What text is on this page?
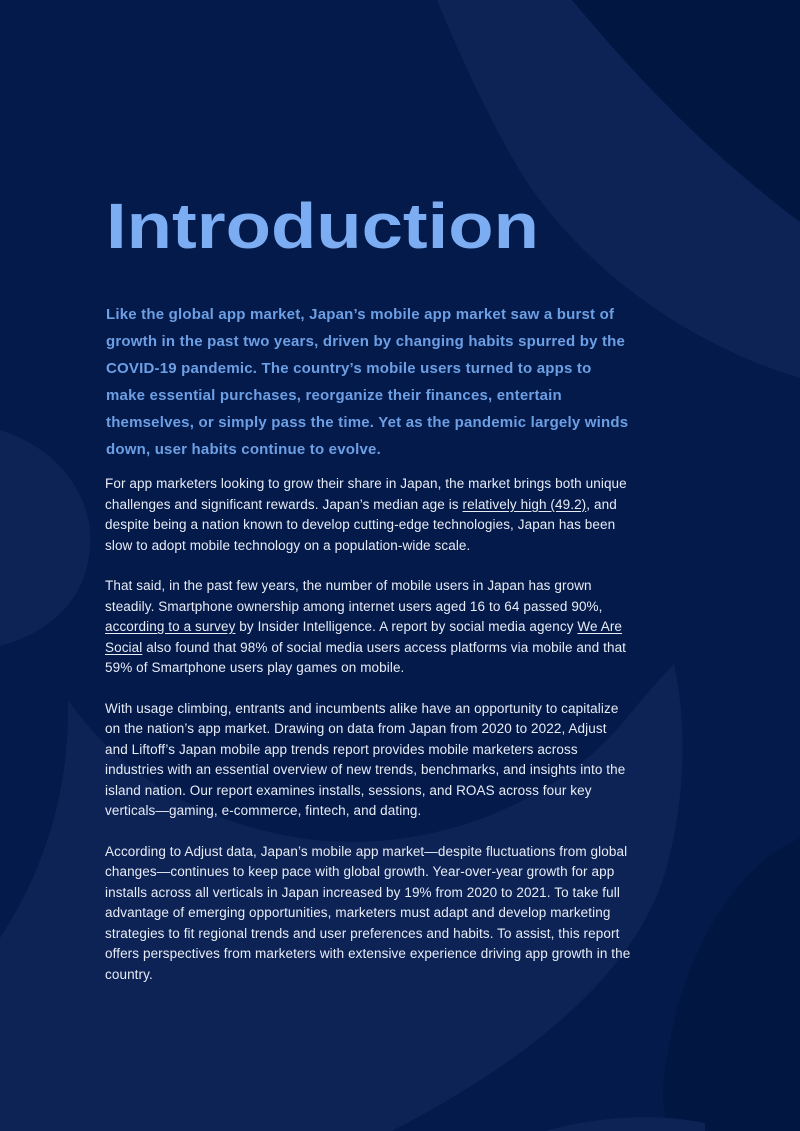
Introduction

Like the global app market, Japan’s mobile app market saw a burst of growth in the past two years, driven by changing habits spurred by the COVID-19 pandemic. The country’s mobile users turned to apps to make essential purchases, reorganize their finances, entertain themselves, or simply pass the time. Yet as the pandemic largely winds down, user habits continue to evolve.

For app marketers looking to grow their share in Japan, the market brings both unique challenges and significant rewards. Japan’s median age is relatively high (49.2), and despite being a nation known to develop cutting-edge technologies, Japan has been slow to adopt mobile technology on a population-wide scale.

That said, in the past few years, the number of mobile users in Japan has grown steadily. Smartphone ownership among internet users aged 16 to 64 passed 90%, according to a survey by Insider Intelligence. A report by social media agency We Are Social also found that 98% of social media users access platforms via mobile and that 59% of Smartphone users play games on mobile.

With usage climbing, entrants and incumbents alike have an opportunity to capitalize on the nation’s app market. Drawing on data from Japan from 2020 to 2022, Adjust and Liftoff’s Japan mobile app trends report provides mobile marketers across industries with an essential overview of new trends, benchmarks, and insights into the island nation. Our report examines installs, sessions, and ROAS across four key verticals—gaming, e-commerce, fintech, and dating.

According to Adjust data, Japan’s mobile app market—despite fluctuations from global changes—continues to keep pace with global growth. Year-over-year growth for app installs across all verticals in Japan increased by 19% from 2020 to 2021. To take full advantage of emerging opportunities, marketers must adapt and develop marketing strategies to fit regional trends and user preferences and habits. To assist, this report offers perspectives from marketers with extensive experience driving app growth in the country.
